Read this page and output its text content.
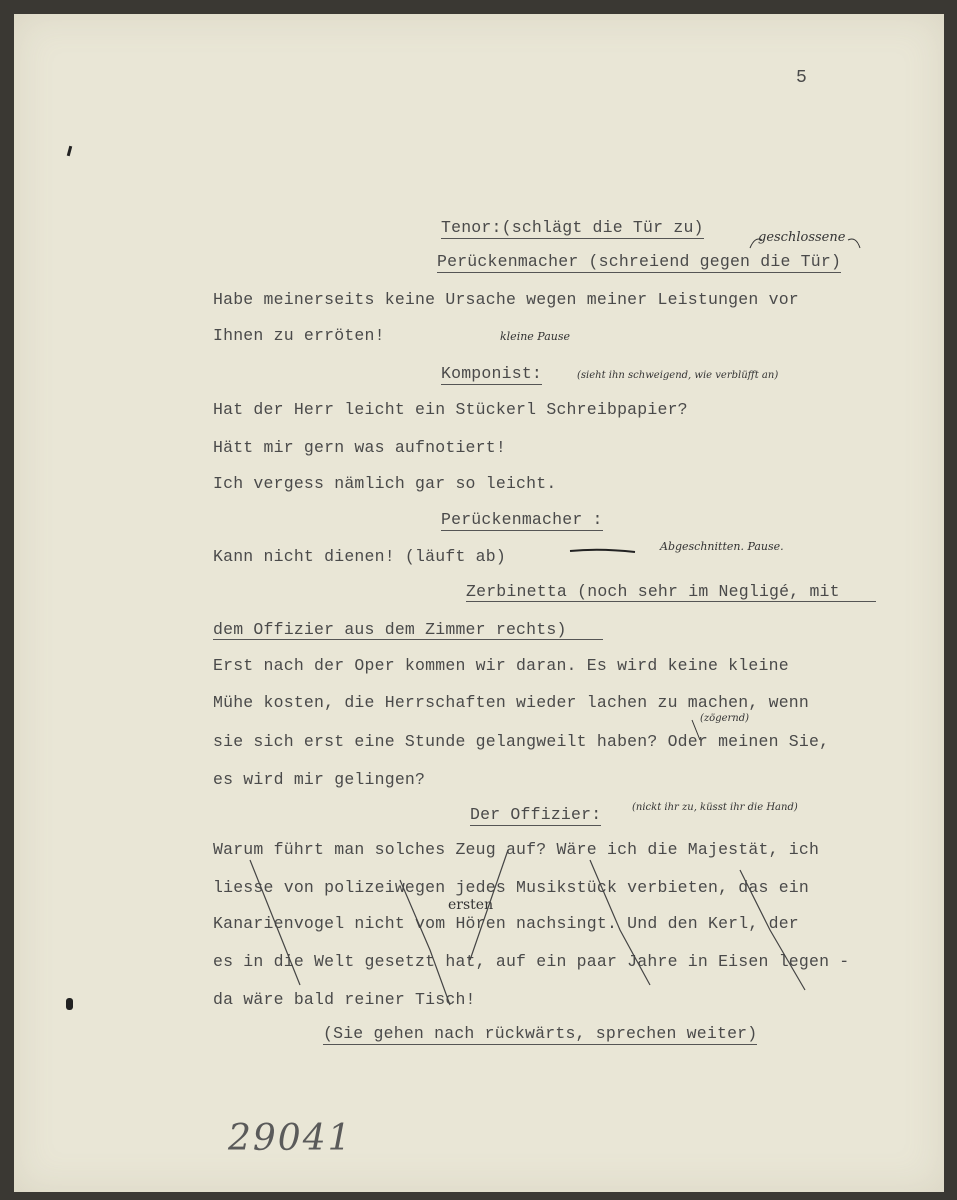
5
Tenor:(schlägt die Tür zu)
Perückenmacher (schreiend gegen die Tür)
Habe meinerseits keine Ursache wegen meiner Leistungen vor
Ihnen zu erröten!
Komponist:
Hat der Herr leicht ein Stückerl Schreibpapier?
Hätt mir gern was aufnotiert!
Ich vergess nämlich gar so leicht.
Perückenmacher :
Kann nicht dienen! (läuft ab)
Zerbinetta (noch sehr im Negligé, mit
dem Offizier aus dem Zimmer rechts)
Erst nach der Oper kommen wir daran. Es wird keine kleine
Mühe kosten, die Herrschaften wieder lachen zu machen, wenn
sie sich erst eine Stunde gelangweilt haben? Oder meinen Sie,
es wird mir gelingen?
Der Offizier:
Warum führt man solches Zeug auf? Wäre ich die Majestät, ich
liesse von polizeiwegen jedes Musikstück verbieten, das ein
Kanarienvogel nicht vom Hören nachsingt. Und den Kerl, der
es in die Welt gesetzt hat, auf ein paar Jahre in Eisen legen -
da wäre bald reiner Tisch!
(Sie gehen nach rückwärts, sprechen weiter)
geschlossene
kleine Pause
(sieht ihn schweigend, wie verblüfft an)
Abgeschnitten. Pause.
(zögernd)
(nickt ihr zu, küsst ihr die Hand)
ersten
29041
